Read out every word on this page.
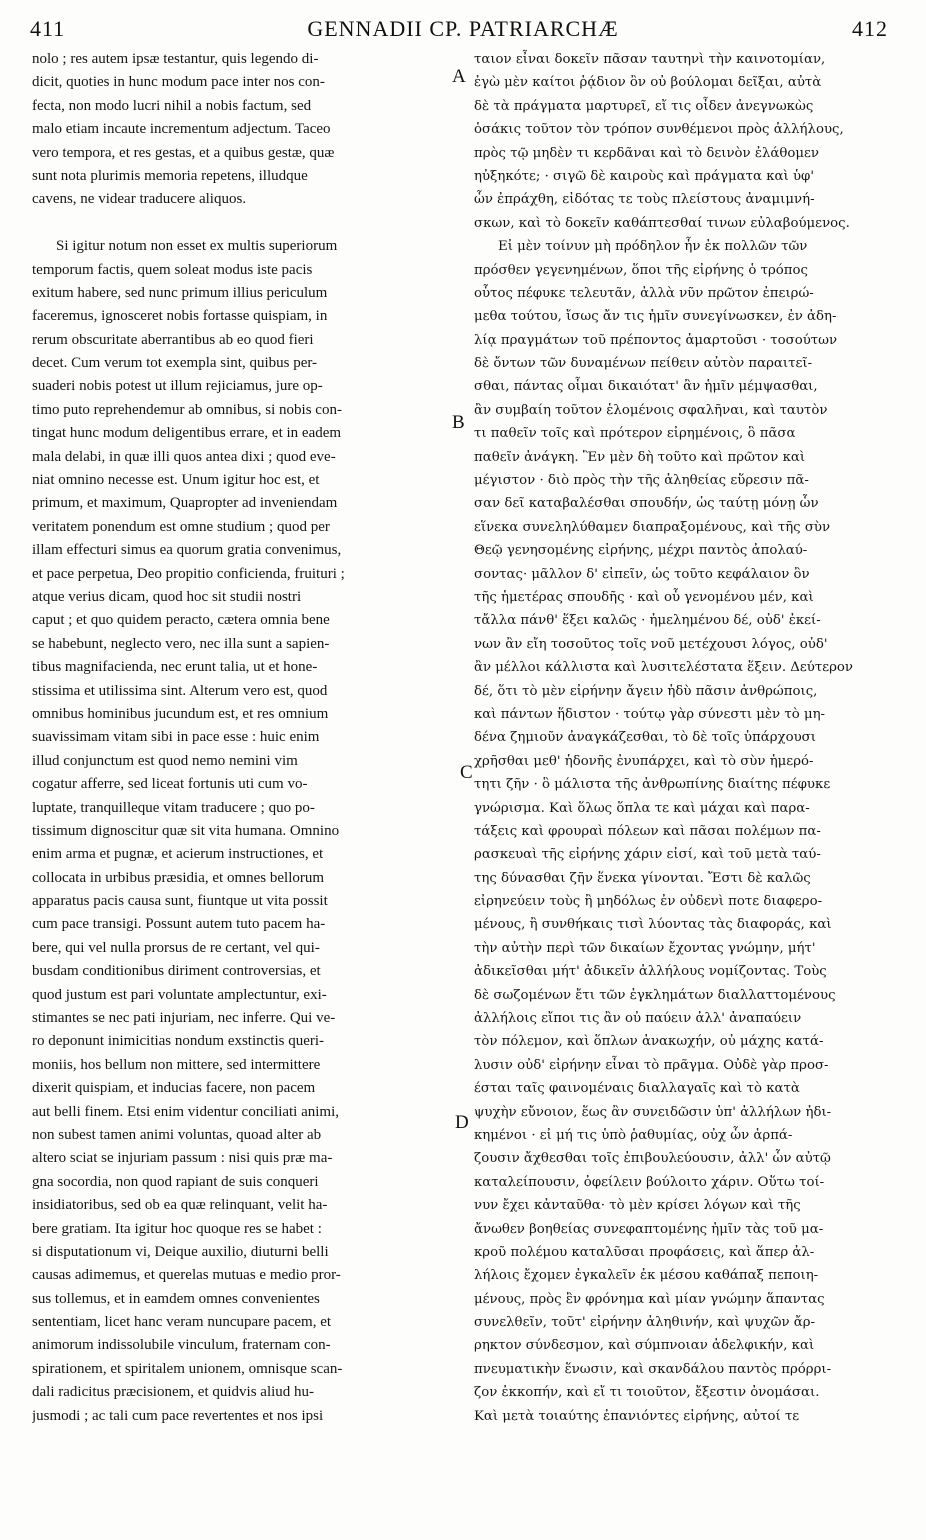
411	GENNADII CP. PATRIARCHÆ	412
nolo ; res autem ipsæ testantur, quis legendo di-
dicit, quoties in hunc modum pace inter nos con-
fecta, non modo lucri nihil a nobis factum, sed
malo etiam incaute incrementum adjectum. Taceo
vero tempora, et res gestas, et a quibus gestæ, quæ
sunt nota plurimis memoria repetens, illudque
cavens, ne videar traducere aliquos.
Si igitur notum non esset ex multis superiorum
temporum factis, quem soleat modus iste pacis
exitum habere, sed nunc primum illius periculum
faceremus, ignosceret nobis fortasse quispiam, in
rerum obscuritate aberrantibus ab eo quod fieri
decet. Cum verum tot exempla sint, quibus per-
suaderi nobis potest ut illum rejiciamus, jure op-
timo puto reprehendemur ab omnibus, si nobis con-
tingat hunc modum deligentibus errare, et in eadem
mala delabi, in quæ illi quos antea dixi ; quod eve-
niat omnino necesse est. Unum igitur hoc est, et
primum, et maximum, Quapropter ad inveniendam
veritatem ponendum est omne studium ; quod per
illam effecturi simus ea quorum gratia convenimus,
et pace perpetua, Deo propitio conficienda, fruituri ;
atque verius dicam, quod hoc sit studii nostri
caput ; et quo quidem peracto, cætera omnia bene
se habebunt, neglecto vero, nec illa sunt a sapien-
tibus magnifacienda, nec erunt talia, ut et hone-
stissima et utilissima sint. Alterum vero est, quod
omnibus hominibus jucundum est, et res omnium
suavissimam vitam sibi in pace esse : huic enim
illud conjunctum est quod nemo nemini vim
cogatur afferre, sed liceat fortunis uti cum vo-
luptate, tranquilleque vitam traducere ; quo po-
tissimum dignoscitur quæ sit vita humana. Omnino
enim arma et pugnæ, et acierum instructiones, et
collocata in urbibus præsidia, et omnes bellorum
apparatus pacis causa sunt, fiuntque ut vita possit
cum pace transigi. Possunt autem tuto pacem ha-
bere, qui vel nulla prorsus de re certant, vel qui-
busdam conditionibus diriment controversias, et
quod justum est pari voluntate amplectuntur, exi-
stimantes se nec pati injuriam, nec inferre. Qui ve-
ro deponunt inimicitias nondum exstinctis queri-
moniis, hos bellum non mittere, sed intermittere
dixerit quispiam, et inducias facere, non pacem
aut belli finem. Etsi enim videntur conciliati animi,
non subest tamen animi voluntas, quoad alter ab
altero sciat se injuriam passum : nisi quis præ ma-
gna socordia, non quod rapiant de suis conqueri
insidiatoribus, sed ob ea quæ relinquant, velit ha-
bere gratiam. Ita igitur hoc quoque res se habet :
si disputationum vi, Deique auxilio, diuturni belli
causas adimemus, et querelas mutuas e medio pror-
sus tollemus, et in eamdem omnes convenientes
sententiam, licet hanc veram nuncupare pacem, et
animorum indissolubile vinculum, fraternam con-
spirationem, et spiritalem unionem, omnisque scan-
dali radicitus præcisionem, et quidvis aliud hu-
jusmodi ; ac tali cum pace revertentes et nos ipsi
ταιον εἶναι δοκεῖν πᾶσαν ταυτηνὶ τὴν καινοτομίαν,
ἐγὼ μὲν καίτοι ῥᾴδιον ὂν οὐ βούλομαι δεῖξαι, αὐτὰ
δὲ τὰ πράγματα μαρτυρεῖ, εἴ τις οἶδεν ἀνεγνωκὼς
ὁσάκις τοῦτον τὸν τρόπον συνθέμενοι πρὸς ἀλλήλους,
πρὸς τῷ μηδὲν τι κερδᾶναι καὶ τὸ δεινὸν ἐλάθομεν
ηὐξηκότε; · σιγῶ δὲ καιροὺς καὶ πράγματα καὶ ὑφ'
ὧν ἐπράχθη, εἰδότας τε τοὺς πλείστους ἀναμιμνή-
σκων, καὶ τὸ δοκεῖν καθάπτεσθαί τινων εὐλαβούμενος.
Εἰ μὲν τοίνυν μὴ πρόδηλον ἦν ἐκ πολλῶν τῶν
πρόσθεν γεγενημένων, ὅποι τῆς εἰρήνης ὁ τρόπος
οὗτος πέφυκε τελευτᾶν, ἀλλὰ νῦν πρῶτον ἐπειρώ-
μεθα τούτου, ἴσως ἄν τις ἡμῖν συνεγίνωσκεν, ἐν ἀδη-
λίᾳ πραγμάτων τοῦ πρέποντος ἁμαρτοῦσι · τοσούτων
δὲ ὄντων τῶν δυναμένων πείθειν αὐτὸν παραιτεῖ-
σθαι, πάντας οἶμαι δικαιότατ' ἂν ἡμῖν μέμψασθαι,
ἂν συμβαίη τοῦτον ἑλομένοις σφαλῆναι, καὶ ταυτὸν
τι παθεῖν τοῖς καὶ πρότερον εἰρημένοις, ὃ πᾶσα
παθεῖν ἀνάγκη. Ἓν μὲν δὴ τοῦτο καὶ πρῶτον καὶ
μέγιστον · διὸ πρὸς τὴν τῆς ἀληθείας εὕρεσιν πᾶ-
σαν δεῖ καταβαλέσθαι σπουδήν, ὡς ταύτῃ μόνῃ ὧν
εἵνεκα συνεληλύθαμεν διαπραξομένους, καὶ τῆς σὺν
Θεῷ γενησομένης εἰρήνης, μέχρι παντὸς ἀπολαύ-
σοντας· μᾶλλον δ' εἰπεῖν, ὡς τοῦτο κεφάλαιον ὂν
τῆς ἡμετέρας σπουδῆς · καὶ οὗ γενομένου μέν, καὶ
τἄλλα πάνθ' ἕξει καλῶς · ἠμελημένου δέ, οὐδ' ἐκεί-
νων ἂν εἴη τοσοῦτος τοῖς νοῦ μετέχουσι λόγος, οὐδ'
ἂν μέλλοι κάλλιστα καὶ λυσιτελέστατα ἕξειν. Δεύτερον
δέ, ὅτι τὸ μὲν εἰρήνην ἄγειν ἡδὺ πᾶσιν ἀνθρώποις,
καὶ πάντων ἥδιστον · τούτῳ γὰρ σύνεστι μὲν τὸ μη-
δένα ζημιοῦν ἀναγκάζεσθαι, τὸ δὲ τοῖς ὑπάρχουσι
χρῆσθαι μεθ' ἡδονῆς ἐνυπάρχει, καὶ τὸ σὺν ἡμερό-
τητι ζῆν · ὃ μάλιστα τῆς ἀνθρωπίνης διαίτης πέφυκε
γνώρισμα. Καὶ ὅλως ὅπλα τε καὶ μάχαι καὶ παρα-
τάξεις καὶ φρουραὶ πόλεων καὶ πᾶσαι πολέμων πα-
ρασκευαὶ τῆς εἰρήνης χάριν εἰσί, καὶ τοῦ μετὰ ταύ-
της δύνασθαι ζῆν ἕνεκα γίνονται. Ἔστι δὲ καλῶς
εἰρηνεύειν τοὺς ἢ μηδόλως ἐν οὐδενὶ ποτε διαφερο-
μένους, ἢ συνθήκαις τισὶ λύοντας τὰς διαφοράς, καὶ
τὴν αὐτὴν περὶ τῶν δικαίων ἔχοντας γνώμην, μήτ'
ἀδικεῖσθαι μήτ' ἀδικεῖν ἀλλήλους νομίζοντας. Τοὺς
δὲ σωζομένων ἔτι τῶν ἐγκλημάτων διαλλαττομένους
ἀλλήλοις εἴποι τις ἂν οὐ παύειν ἀλλ' ἀναπαύειν
τὸν πόλεμον, καὶ ὅπλων ἀνακωχήν, οὐ μάχης κατά-
λυσιν οὐδ' εἰρήνην εἶναι τὸ πρᾶγμα. Οὐδὲ γὰρ προσ-
έσται ταῖς φαινομέναις διαλλαγαῖς καὶ τὸ κατὰ
ψυχὴν εὔνοιον, ἕως ἂν συνειδῶσιν ὑπ' ἀλλήλων ἠδι-
κημένοι · εἰ μή τις ὑπὸ ῥαθυμίας, οὐχ ὧν ἁρπά-
ζουσιν ἄχθεσθαι τοῖς ἐπιβουλεύουσιν, ἀλλ' ὧν αὐτῷ
καταλείπουσιν, ὀφείλειν βούλοιτο χάριν. Οὕτω τοί-
νυν ἔχει κἀνταῦθα· τὸ μὲν κρίσει λόγων καὶ τῆς
ἄνωθεν βοηθείας συνεφαπτομένης ἡμῖν τὰς τοῦ μα-
κροῦ πολέμου καταλῦσαι προφάσεις, καὶ ἅπερ ἀλ-
λήλοις ἔχομεν ἐγκαλεῖν ἐκ μέσου καθάπαξ πεποιη-
μένους, πρὸς ἓν φρόνημα καὶ μίαν γνώμην ἅπαντας
συνελθεῖν, τοῦτ' εἰρήνην ἀληθινήν, καὶ ψυχῶν ἄρ-
ρηκτον σύνδεσμον, καὶ σύμπνοιαν ἀδελφικήν, καὶ
πνευματικὴν ἕνωσιν, καὶ σκανδάλου παντὸς πρόρρι-
ζον ἐκκοπήν, καὶ εἴ τι τοιοῦτον, ἔξεστιν ὀνομάσαι.
Καὶ μετὰ τοιαύτης ἐπανιόντες εἰρήνης, αὐτοί τε
A
B
C
D
